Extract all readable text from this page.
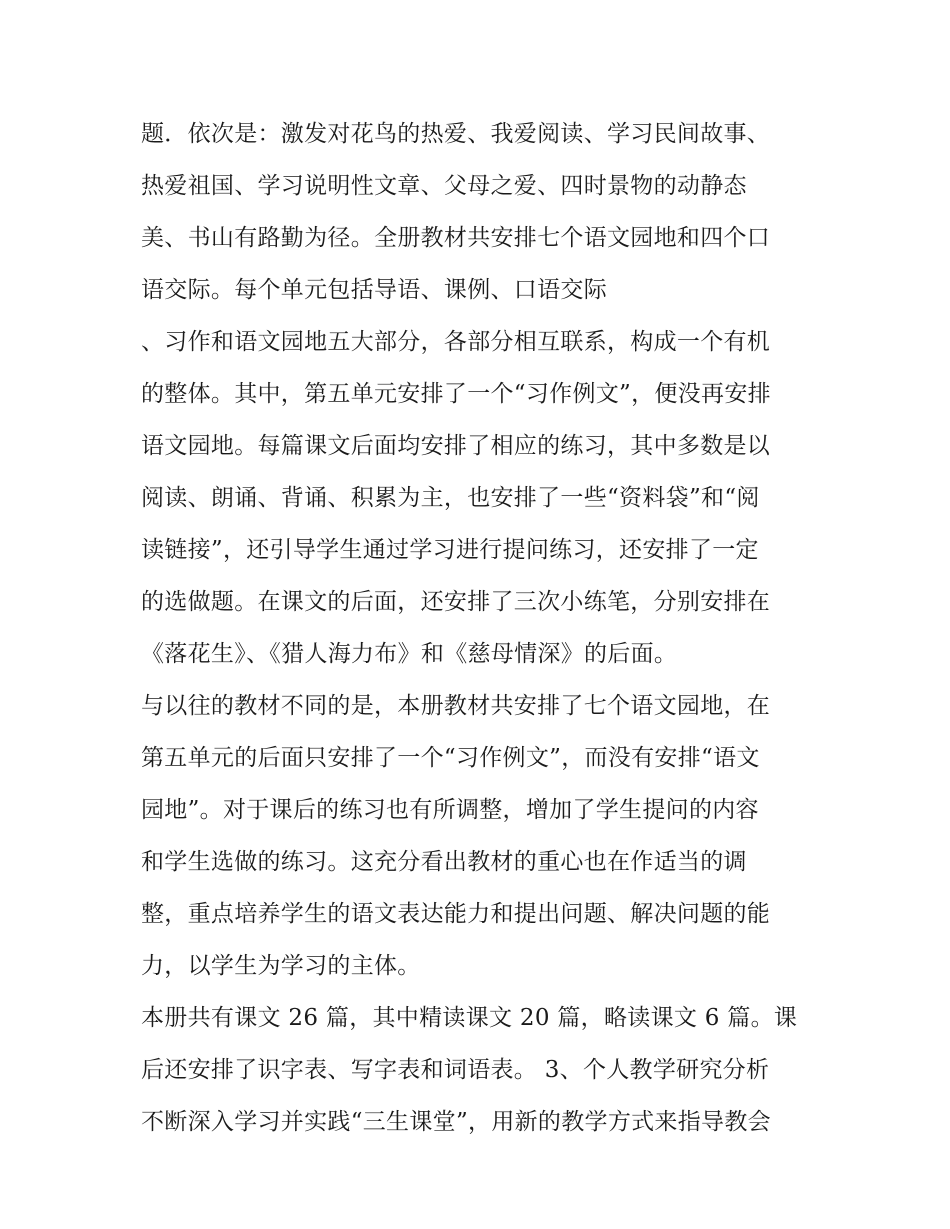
题．依次是：激发对花鸟的热爱、我爱阅读、学习民间故事、
热爱祖国、学习说明性文章、父母之爱、四时景物的动静态
美、书山有路勤为径。全册教材共安排七个语文园地和四个口
语交际。每个单元包括导语、课例、口语交际
、习作和语文园地五大部分，各部分相互联系，构成一个有机
的整体。其中，第五单元安排了一个“习作例文”，便没再安排
语文园地。每篇课文后面均安排了相应的练习，其中多数是以
阅读、朗诵、背诵、积累为主，也安排了一些“资料袋”和“阅
读链接”，还引导学生通过学习进行提问练习，还安排了一定
的选做题。在课文的后面，还安排了三次小练笔，分别安排在
《落花生》、《猎人海力布》和《慈母情深》的后面。
与以往的教材不同的是，本册教材共安排了七个语文园地，在
第五单元的后面只安排了一个“习作例文”，而没有安排“语文
园地”。对于课后的练习也有所调整，增加了学生提问的内容
和学生选做的练习。这充分看出教材的重心也在作适当的调
整，重点培养学生的语文表达能力和提出问题、解决问题的能
力，以学生为学习的主体。
本册共有课文 26 篇，其中精读课文 20 篇，略读课文 6 篇。课
后还安排了识字表、写字表和词语表。 3、个人教学研究分析
不断深入学习并实践“三生课堂”，用新的教学方式来指导教会
